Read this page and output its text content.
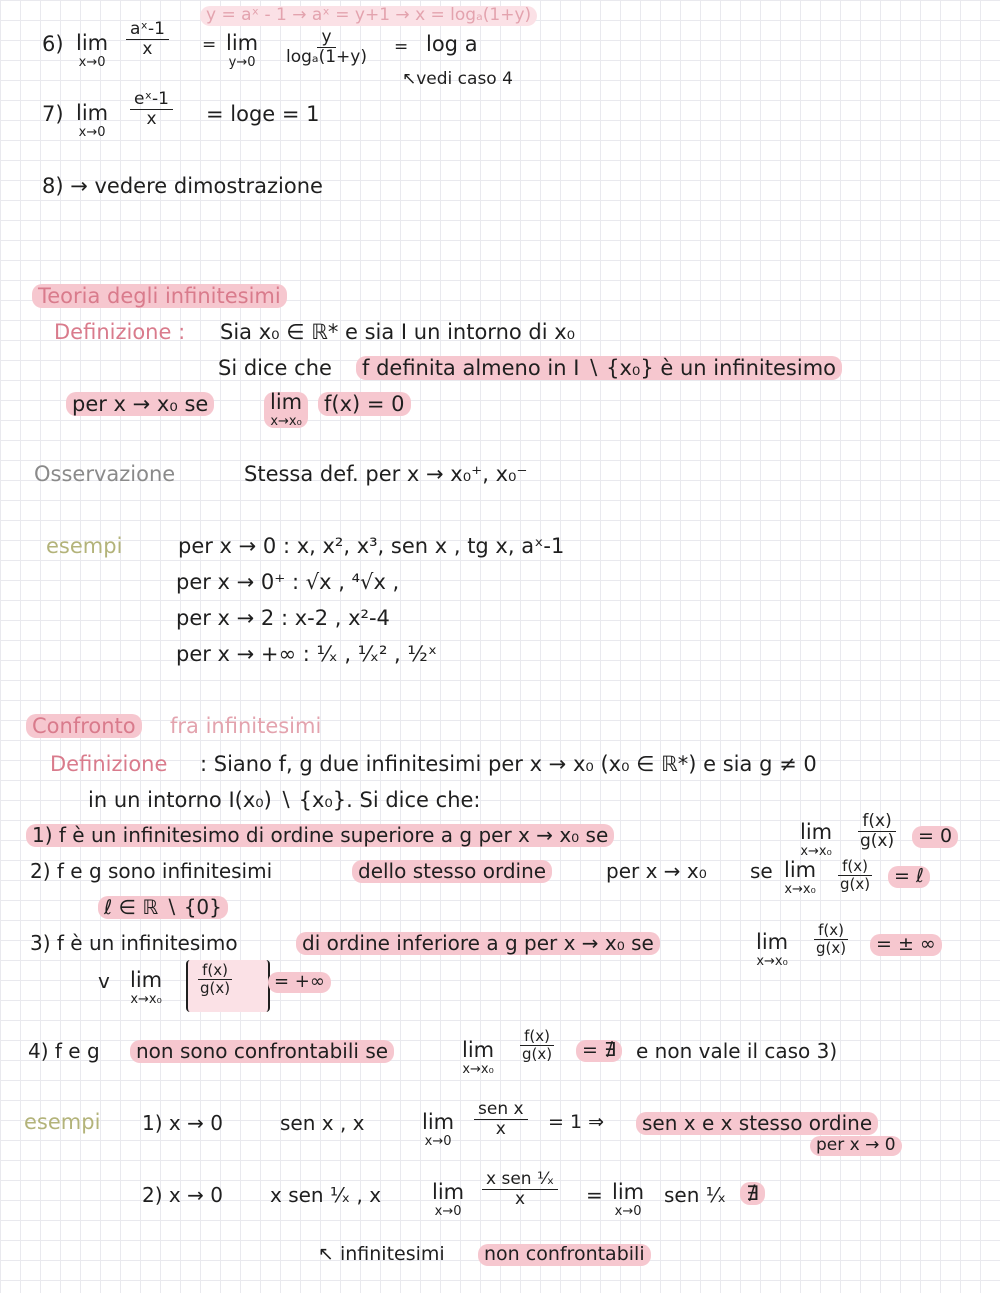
y = aˣ - 1 → aˣ = y+1 → x = logₐ(1+y)
6) lim
x→0
$\frac{\text{aˣ-1}}{x} = \lim$
$y\to 0 \frac{y}{\text{logₐ(1+y)}} = \log a$
↖vedi caso 4
7) lim
x→0
$\frac{\text{eˣ-1}}{x} = \log e = 1$
8) → vedere dimostrazione
Teoria degli infinitesimi
Definizione : Sia x₀ ∈ ℝ* e sia I un intorno di x₀
Si dice che f definita almeno in I ∖ {x₀} è un infinitesimo
per x → x₀ se	lim
x→x₀
f(x) = 0
Osservazione	Stessa def. per x → x₀⁺, x₀⁻
esempi	per x → 0 : x, x², x³, sen x , tg x, aˣ-1
per x → 0⁺ : √x , ⁴√x ,
per x → 2 : x-2 , x²-4
per x → +∞ : ¹⁄ₓ , ¹⁄ₓ² , ¹⁄₂ˣ
Confronto fra infinitesimi
Definizione : Siano f, g due infinitesimi per x → x₀ (x₀ ∈ ℝ*) e sia g ≠ 0
in un intorno I(x₀) ∖ {x₀}. Si dice che:
1) f è un infinitesimo di ordine superiore a g per x → x₀ se	lim
x→x₀
$\frac{f(x)}{g(x)}$	= 0
2) f e g sono infinitesimi	dello stesso ordine	per x → x₀ se lim
$x\to x_0 \frac{f(x)}{g(x)}$	= ℓ
ℓ ∈ ℝ ∖ {0}
3) f è un infinitesimo	di ordine inferiore a g per x → x₀ se	lim
x→x₀
$\frac{f(x)}{g(x)}$	= ± ∞
v lim
x→x₀
$\frac{f(x)}{g(x)}$	= +∞
4) f e g	non sono confrontabili se	lim
x→x₀
$\frac{f(x)}{g(x)}$	= ∄	e non vale il caso 3)
esempi 1) x → 0	sen x , x	lim
x→0
sen x
x = 1 ⇒	sen x e x stesso ordine
per x → 0
2) x → 0 x sen ¹⁄ₓ , x lim
x→0
x sen ¹⁄ₓ
x	= lim
x→0
sen ¹⁄ₓ	∄
↖ infinitesimi	non confrontabili
